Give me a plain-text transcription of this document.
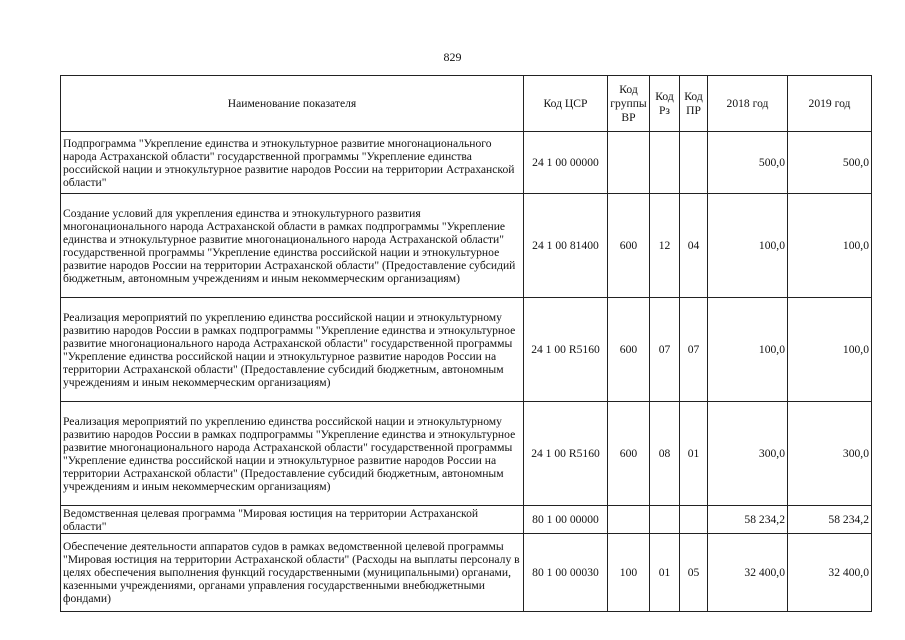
829
Наименование показателя	Код ЦСР	Код группы ВР	Код Рз	Код ПР	2018 год	2019 год
Подпрограмма "Укрепление единства и этнокультурное развитие многонационального народа Астраханской области" государственной программы "Укрепление единства российской нации и этнокультурное развитие народов России на территории Астраханской области"	24 1 00 00000				500,0	500,0
Создание условий для укрепления единства и этнокультурного развития многонационального народа Астраханской области в рамках подпрограммы "Укрепление единства и этнокультурное развитие многонационального народа Астраханской области" государственной программы "Укрепление единства российской нации и этнокультурное развитие народов России на территории Астраханской области" (Предоставление субсидий бюджетным, автономным учреждениям и иным некоммерческим организациям)	24 1 00 81400	600	12	04	100,0	100,0
Реализация мероприятий по укреплению единства российской нации и этнокультурному развитию народов России в рамках подпрограммы "Укрепление единства и этнокультурное развитие многонационального народа Астраханской области" государственной программы "Укрепление единства российской нации и этнокультурное развитие народов России на территории Астраханской области" (Предоставление субсидий бюджетным, автономным учреждениям и иным некоммерческим организациям)	24 1 00 R5160	600	07	07	100,0	100,0
Реализация мероприятий по укреплению единства российской нации и этнокультурному развитию народов России в рамках подпрограммы "Укрепление единства и этнокультурное развитие многонационального народа Астраханской области" государственной программы "Укрепление единства российской нации и этнокультурное развитие народов России на территории Астраханской области" (Предоставление субсидий бюджетным, автономным учреждениям и иным некоммерческим организациям)	24 1 00 R5160	600	08	01	300,0	300,0
Ведомственная целевая программа "Мировая юстиция на территории Астраханской области"	80 1 00 00000				58 234,2	58 234,2
Обеспечение деятельности аппаратов судов в рамках ведомственной целевой программы "Мировая юстиция на территории Астраханской области" (Расходы на выплаты персоналу в целях обеспечения выполнения функций государственными (муниципальными) органами, казенными учреждениями, органами управления государственными внебюджетными фондами)	80 1 00 00030	100	01	05	32 400,0	32 400,0
